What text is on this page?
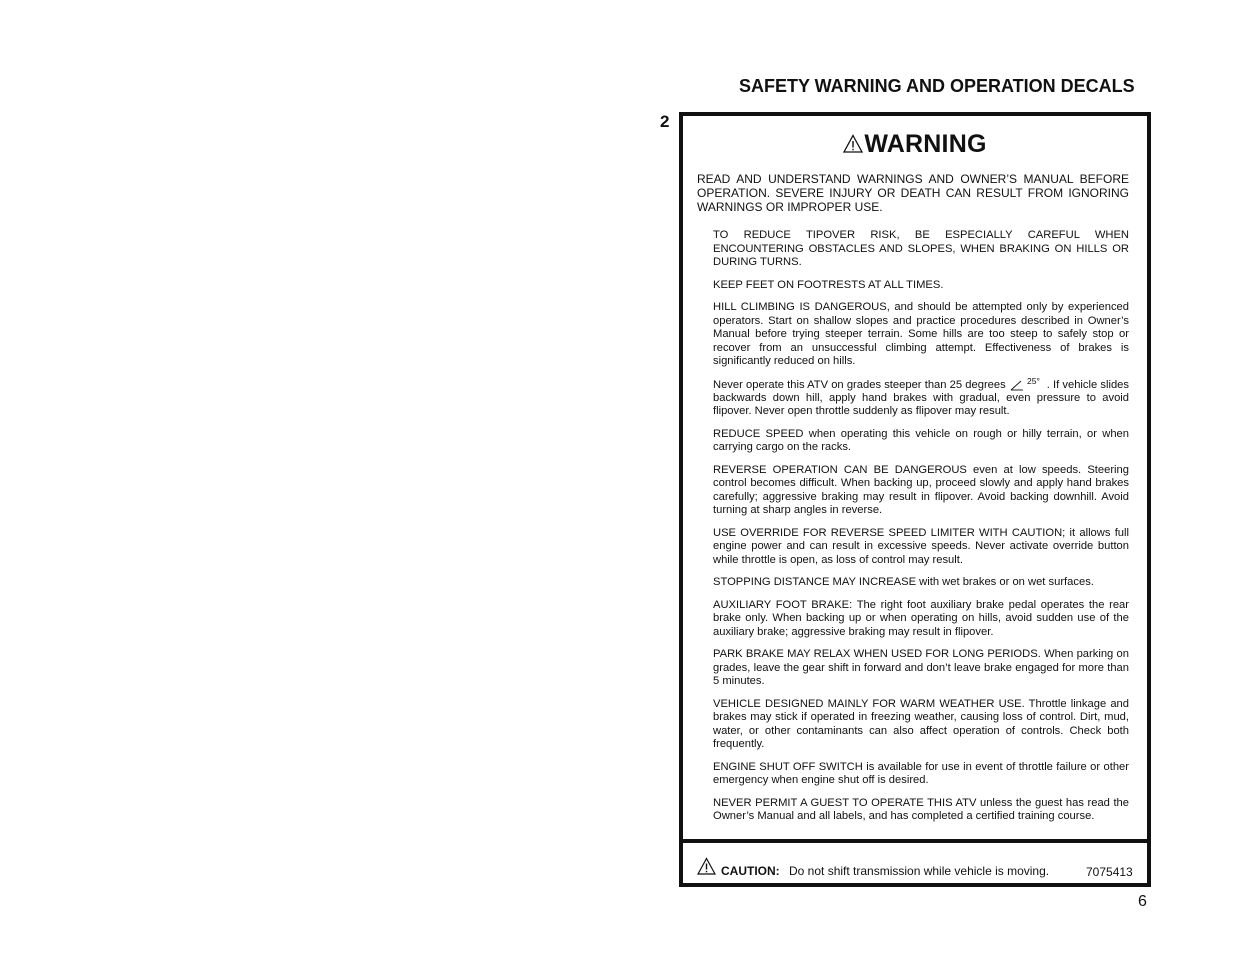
SAFETY WARNING AND OPERATION DECALS
2
WARNING
READ AND UNDERSTAND WARNINGS AND OWNER’S MANUAL BEFORE OPERATION. SEVERE INJURY OR DEATH CAN RESULT FROM IGNORING WARNINGS OR IMPROPER USE.

TO REDUCE TIPOVER RISK, BE ESPECIALLY CAREFUL WHEN ENCOUNTERING OBSTACLES AND SLOPES, WHEN BRAKING ON HILLS OR DURING TURNS.

KEEP FEET ON FOOTRESTS AT ALL TIMES.

HILL CLIMBING IS DANGEROUS, and should be attempted only by experienced operators. Start on shallow slopes and practice procedures described in Owner’s Manual before trying steeper terrain. Some hills are too steep to safely stop or recover from an unsuccessful climbing attempt. Effectiveness of brakes is significantly reduced on hills.

Never operate this ATV on grades steeper than 25 degrees 25° . If vehicle slides backwards down hill, apply hand brakes with gradual, even pressure to avoid flipover. Never open throttle suddenly as flipover may result.

REDUCE SPEED when operating this vehicle on rough or hilly terrain, or when carrying cargo on the racks.

REVERSE OPERATION CAN BE DANGEROUS even at low speeds. Steering control becomes difficult. When backing up, proceed slowly and apply hand brakes carefully; aggressive braking may result in flipover. Avoid backing downhill. Avoid turning at sharp angles in reverse.

USE OVERRIDE FOR REVERSE SPEED LIMITER WITH CAUTION; it allows full engine power and can result in excessive speeds. Never activate override button while throttle is open, as loss of control may result.

STOPPING DISTANCE MAY INCREASE with wet brakes or on wet surfaces.

AUXILIARY FOOT BRAKE: The right foot auxiliary brake pedal operates the rear brake only. When backing up or when operating on hills, avoid sudden use of the auxiliary brake; aggressive braking may result in flipover.

PARK BRAKE MAY RELAX WHEN USED FOR LONG PERIODS. When parking on grades, leave the gear shift in forward and don’t leave brake engaged for more than 5 minutes.

VEHICLE DESIGNED MAINLY FOR WARM WEATHER USE. Throttle linkage and brakes may stick if operated in freezing weather, causing loss of control. Dirt, mud, water, or other contaminants can also affect operation of controls. Check both frequently.

ENGINE SHUT OFF SWITCH is available for use in event of throttle failure or other emergency when engine shut off is desired.

NEVER PERMIT A GUEST TO OPERATE THIS ATV unless the guest has read the Owner’s Manual and all labels, and has completed a certified training course.

CAUTION: Do not shift transmission while vehicle is moving.	7075413
6
